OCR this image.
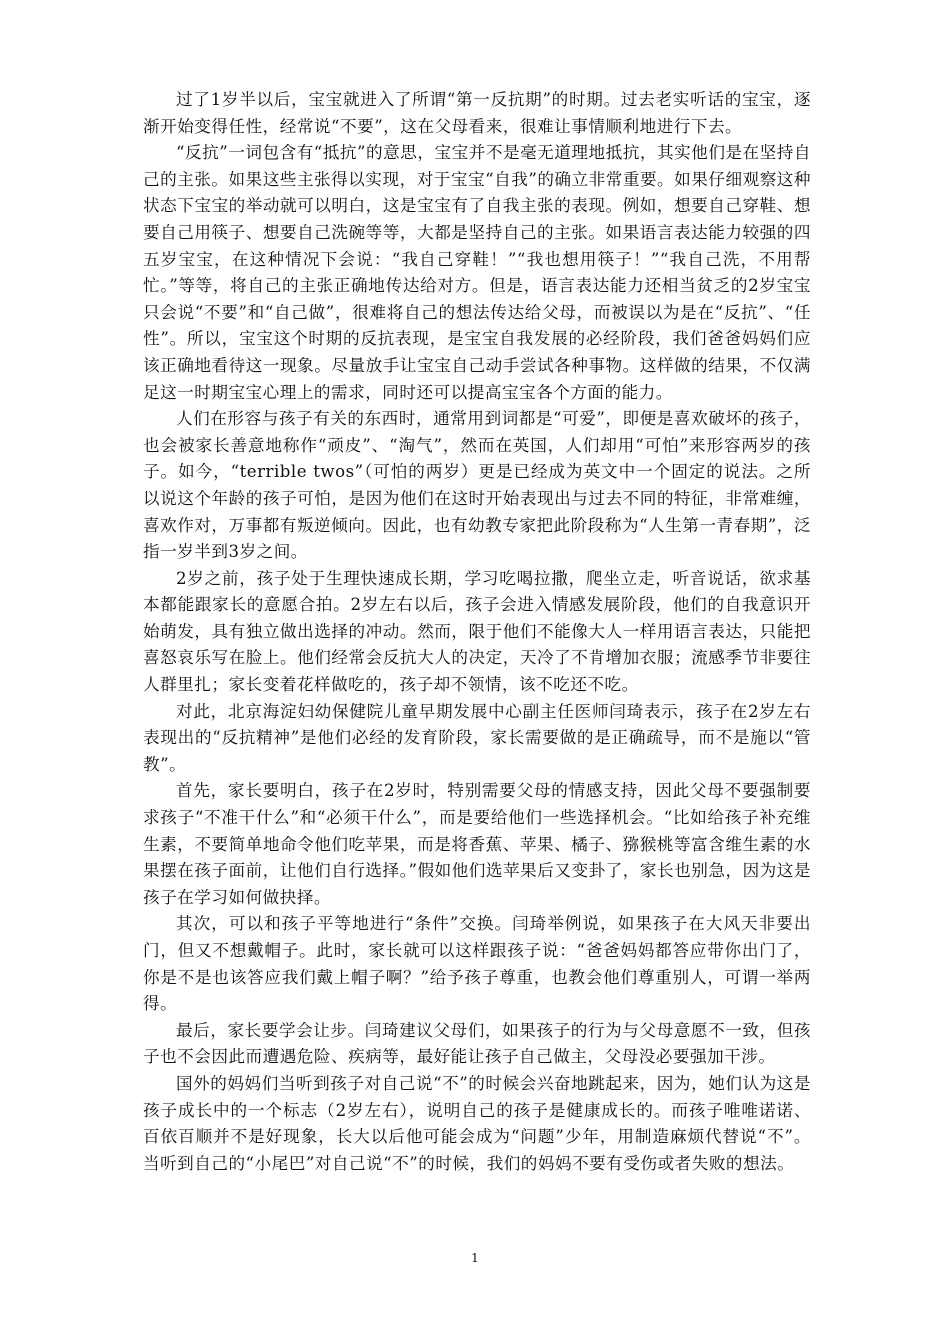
过了1岁半以后，宝宝就进入了所谓“第一反抗期”的时期。过去老实听话的宝宝，逐渐开始变得任性，经常说“不要”，这在父母看来，很难让事情顺利地进行下去。

“反抗”一词包含有“抵抗”的意思，宝宝并不是毫无道理地抵抗，其实他们是在坚持自己的主张。如果这些主张得以实现，对于宝宝“自我”的确立非常重要。如果仔细观察这种状态下宝宝的举动就可以明白，这是宝宝有了自我主张的表现。例如，想要自己穿鞋、想要自己用筷子、想要自己洗碗等等，大都是坚持自己的主张。如果语言表达能力较强的四五岁宝宝，在这种情况下会说：“我自己穿鞋！”“我也想用筷子！”“我自己洗，不用帮忙。”等等，将自己的主张正确地传达给对方。但是，语言表达能力还相当贫乏的2岁宝宝只会说“不要”和“自己做”，很难将自己的想法传达给父母，而被误以为是在“反抗”、“任性”。所以，宝宝这个时期的反抗表现，是宝宝自我发展的必经阶段，我们爸爸妈妈们应该正确地看待这一现象。尽量放手让宝宝自己动手尝试各种事物。这样做的结果，不仅满足这一时期宝宝心理上的需求，同时还可以提高宝宝各个方面的能力。

人们在形容与孩子有关的东西时，通常用到词都是“可爱”，即便是喜欢破坏的孩子，也会被家长善意地称作“顽皮”、“淘气”，然而在英国，人们却用“可怕”来形容两岁的孩子。如今，“terrible twos”（可怕的两岁）更是已经成为英文中一个固定的说法。之所以说这个年龄的孩子可怕，是因为他们在这时开始表现出与过去不同的特征，非常难缠，喜欢作对，万事都有叛逆倾向。因此，也有幼教专家把此阶段称为“人生第一青春期”，泛指一岁半到3岁之间。

2岁之前，孩子处于生理快速成长期，学习吃喝拉撒，爬坐立走，听音说话，欲求基本都能跟家长的意愿合拍。2岁左右以后，孩子会进入情感发展阶段，他们的自我意识开始萌发，具有独立做出选择的冲动。然而，限于他们不能像大人一样用语言表达，只能把喜怒哀乐写在脸上。他们经常会反抗大人的决定，天冷了不肯增加衣服；流感季节非要往人群里扎；家长变着花样做吃的，孩子却不领情，该不吃还不吃。

对此，北京海淀妇幼保健院儿童早期发展中心副主任医师闫琦表示，孩子在2岁左右表现出的“反抗精神”是他们必经的发育阶段，家长需要做的是正确疏导，而不是施以“管教”。

首先，家长要明白，孩子在2岁时，特别需要父母的情感支持，因此父母不要强制要求孩子“不准干什么”和“必须干什么”，而是要给他们一些选择机会。“比如给孩子补充维生素，不要简单地命令他们吃苹果，而是将香蕉、苹果、橘子、猕猴桃等富含维生素的水果摆在孩子面前，让他们自行选择。”假如他们选苹果后又变卦了，家长也别急，因为这是孩子在学习如何做抉择。

其次，可以和孩子平等地进行“条件”交换。闫琦举例说，如果孩子在大风天非要出门，但又不想戴帽子。此时，家长就可以这样跟孩子说：“爸爸妈妈都答应带你出门了，你是不是也该答应我们戴上帽子啊？”给予孩子尊重，也教会他们尊重别人，可谓一举两得。

最后，家长要学会让步。闫琦建议父母们，如果孩子的行为与父母意愿不一致，但孩子也不会因此而遭遇危险、疾病等，最好能让孩子自己做主，父母没必要强加干涉。

国外的妈妈们当听到孩子对自己说“不”的时候会兴奋地跳起来，因为，她们认为这是孩子成长中的一个标志（2岁左右），说明自己的孩子是健康成长的。而孩子唯唯诺诺、百依百顺并不是好现象，长大以后他可能会成为“问题”少年，用制造麻烦代替说“不”。当听到自己的“小尾巴”对自己说“不”的时候，我们的妈妈不要有受伤或者失败的想法。

1
